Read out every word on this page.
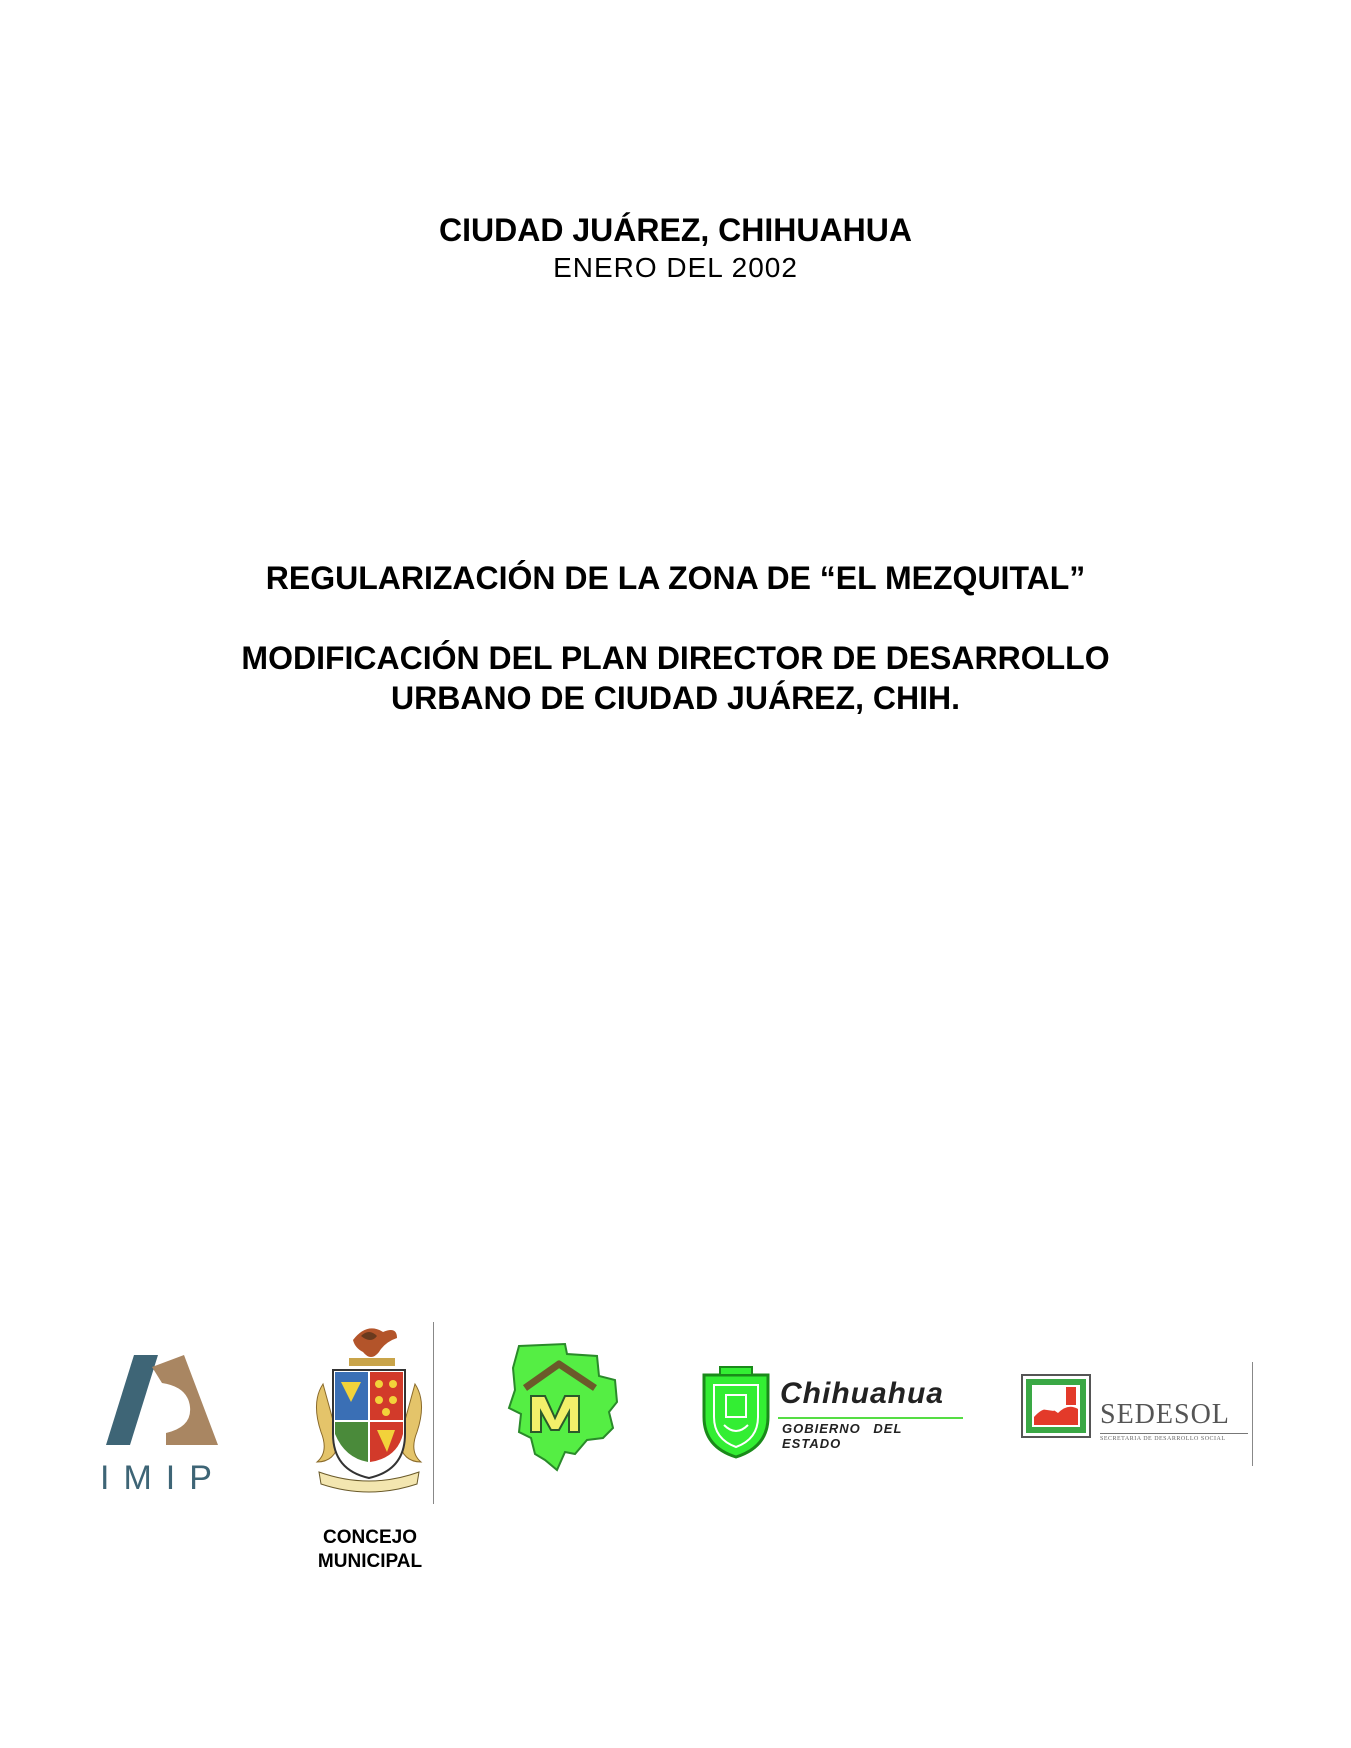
CIUDAD JUÁREZ, CHIHUAHUA
ENERO DEL 2002
REGULARIZACIÓN DE LA ZONA DE “EL MEZQUITAL”
MODIFICACIÓN DEL PLAN DIRECTOR DE DESARROLLO
URBANO DE CIUDAD JUÁREZ, CHIH.
IMIP
CONCEJO
MUNICIPAL
Chihuahua
GOBIERNO DEL ESTADO
SEDESOL
SECRETARIA DE DESARROLLO SOCIAL
